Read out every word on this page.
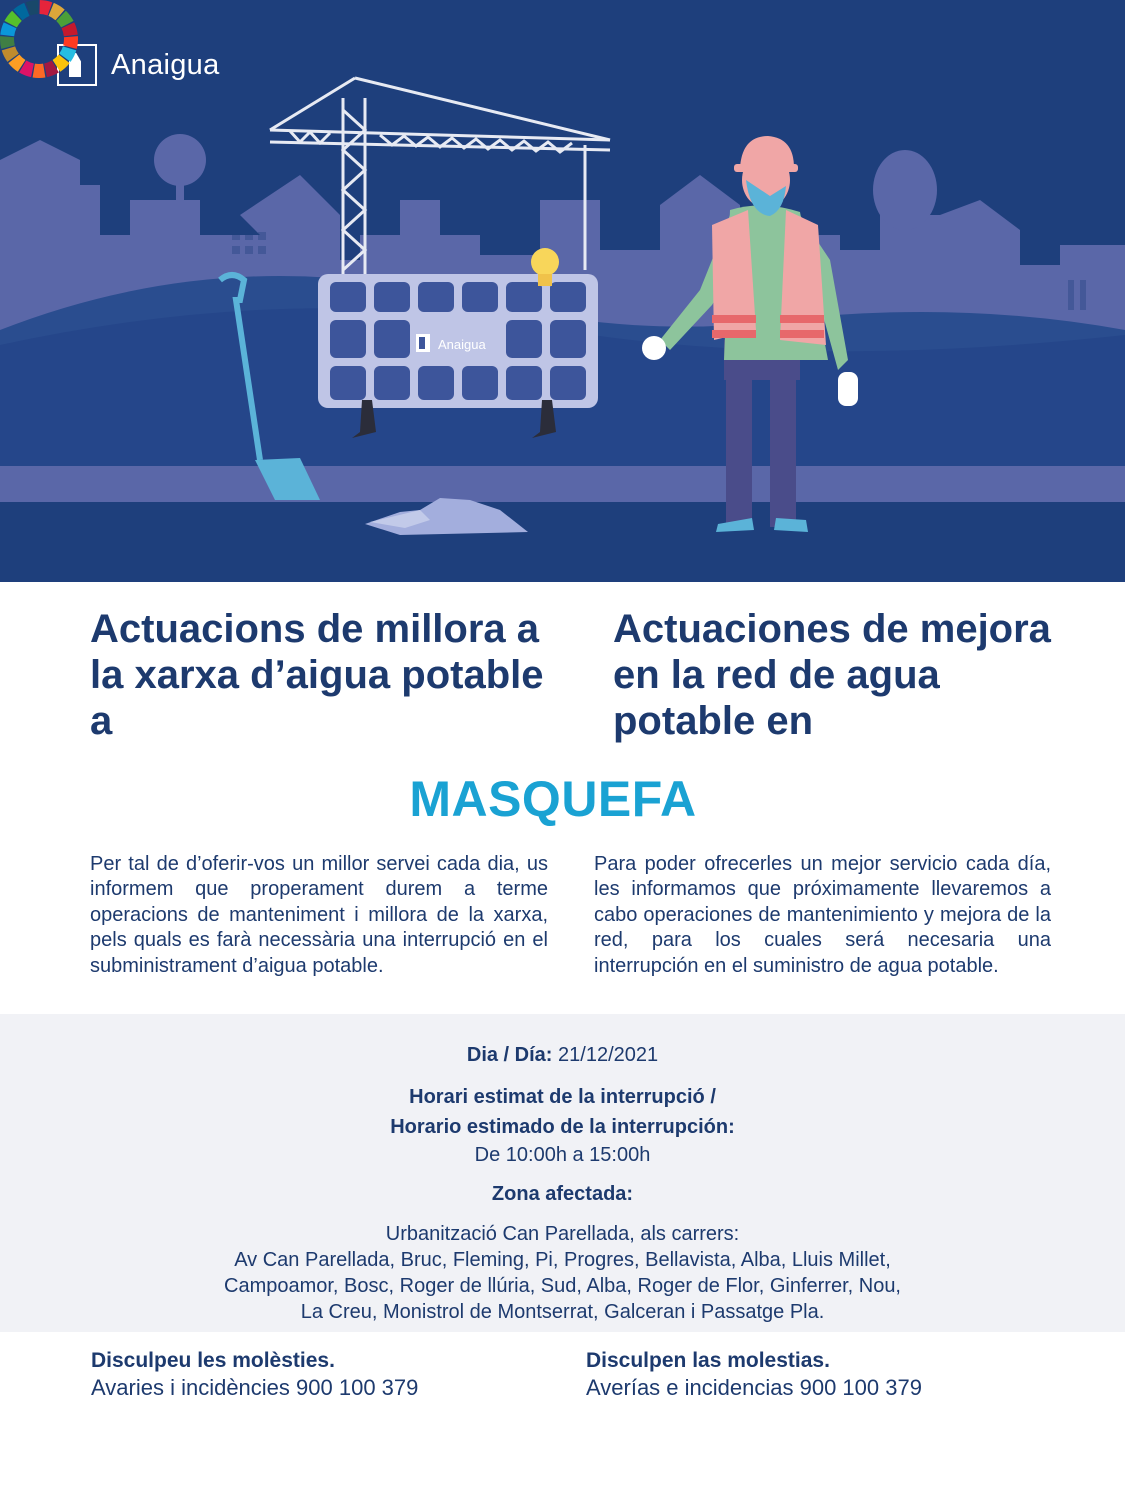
Anaigua
Anaigua
Actuacions de millora a la xarxa d’aigua potable a
Actuaciones de mejora en la red de agua potable en
MASQUEFA

Per tal de d’oferir-vos un millor servei cada dia, us informem que properament durem a terme operacions de manteniment i millora de la xarxa, pels quals es farà necessària una interrupció en el subministrament d’aigua potable.

Para poder ofrecerles un mejor servicio cada día, les informamos que próximamente llevaremos a cabo operaciones de mantenimiento y mejora de la red, para los cuales será necesaria una interrupción en el suministro de agua potable.

Dia / Día: 21/12/2021
Horari estimat de la interrupció /
Horario estimado de la interrupción:
De 10:00h a 15:00h
Zona afectada:
Urbanització Can Parellada, als carrers:
Av Can Parellada, Bruc, Fleming, Pi, Progres, Bellavista, Alba, Lluis Millet,
Campoamor, Bosc, Roger de llúria, Sud, Alba, Roger de Flor, Ginferrer, Nou,
La Creu, Monistrol de Montserrat, Galceran i Passatge Pla.
Disculpeu les molèsties.
Avaries i incidències 900 100 379
Disculpen las molestias.
Averías e incidencias 900 100 379
